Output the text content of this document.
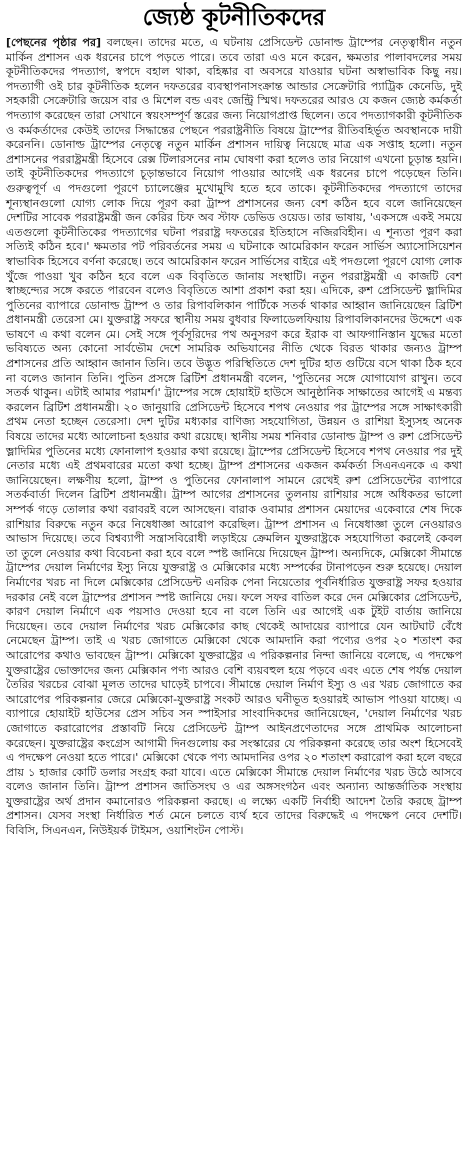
জ্যেষ্ঠ কূটনীতিকদের

[পেছনের পৃষ্ঠার পর] বলছেন। তাদের মতে, এ ঘটনায় প্রেসিডেন্ট ডোনাল্ড ট্রাম্পের নেতৃত্বাধীন নতুন মার্কিন প্রশাসন এক ধরনের চাপে পড়তে পারে। তবে তারা এও মনে করেন, ক্ষমতার পালাবদলের সময় কূটনীতিকদের পদত্যাগ, স্বপদে বহাল থাকা, বহিষ্কার বা অবসরে যাওয়ার ঘটনা অস্বাভাবিক কিছু নয়। পদত্যাগী ওই চার কূটনীতিক হলেন দফতরের ব্যবস্থাপনাসংক্রান্ত আন্ডার সেক্রেটারি প্যাট্রিক কেনেডি, দুই সহকারী সেক্রেটারি জয়েস বার ও মিশেল বন্ড এবং জেন্ট্রি স্মিথ। দফতরের আরও যে কজন জ্যেষ্ঠ কর্মকর্তা পদত্যাগ করেছেন তারা সেখানে স্বয়ংসম্পূর্ণ স্তরের জন্য নিয়োগপ্রাপ্ত ছিলেন। তবে পদত্যাগকারী কূটনীতিক ও কর্মকর্তাদের কেউই তাদের সিদ্ধান্তের পেছনে পররাষ্ট্রনীতি বিষয়ে ট্রাম্পের রীতিবহির্ভূত অবস্থানকে দায়ী করেননি। ডোনাল্ড ট্রাম্পের নেতৃত্বে নতুন মার্কিন প্রশাসন দায়িত্ব নিয়েছে মাত্র এক সপ্তাহ হলো। নতুন প্রশাসনের পররাষ্ট্রমন্ত্রী হিসেবে রেক্স টিলারসনের নাম ঘোষণা করা হলেও তার নিয়োগ এখনো চূড়ান্ত হয়নি। তাই কূটনীতিকদের পদত্যাগে চূড়ান্তভাবে নিয়োগ পাওয়ার আগেই এক ধরনের চাপে পড়েছেন তিনি। গুরুত্বপূর্ণ এ পদগুলো পূরণে চ্যালেঞ্জের মুখোমুখি হতে হবে তাকে। কূটনীতিকদের পদত্যাগে তাদের শূন্যস্থানগুলো যোগ্য লোক দিয়ে পূরণ করা ট্রাম্প প্রশাসনের জন্য বেশ কঠিন হবে বলে জানিয়েছেন দেশটির সাবেক পররাষ্ট্রমন্ত্রী জন কেরির চিফ অব স্টাফ ডেভিড ওয়েড। তার ভাষায়, 'একসঙ্গে একই সময়ে এতগুলো কূটনীতিকের পদত্যাগের ঘটনা পররাষ্ট্র দফতরের ইতিহাসে নজিরবিহীন। এ শূন্যতা পূরণ করা সত্যিই কঠিন হবে।' ক্ষমতার পট পরিবর্তনের সময় এ ঘটনাকে আমেরিকান ফরেন সার্ভিস অ্যাসোসিয়েশন স্বাভাবিক হিসেবে বর্ণনা করেছে। তবে আমেরিকান ফরেন সার্ভিসের বাইরে এই পদগুলো পূরণে যোগ্য লোক খুঁজে পাওয়া খুব কঠিন হবে বলে এক বিবৃতিতে জানায় সংস্থাটি। নতুন পররাষ্ট্রমন্ত্রী এ কাজটি বেশ স্বাচ্ছন্দ্যের সঙ্গে করতে পারবেন বলেও বিবৃতিতে আশা প্রকাশ করা হয়। এদিকে, রুশ প্রেসিডেন্ট ভ্লাদিমির পুতিনের ব্যাপারে ডোনাল্ড ট্রাম্প ও তার রিপাবলিকান পার্টিকে সতর্ক থাকার আহ্বান জানিয়েছেন ব্রিটিশ প্রধানমন্ত্রী তেরেসা মে। যুক্তরাষ্ট্র সফরে স্থানীয় সময় বুধবার ফিলাডেলফিয়ায় রিপাবলিকানদের উদ্দেশে এক ভাষণে এ কথা বলেন মে। সেই সঙ্গে পূর্বসূরিদের পথ অনুসরণ করে ইরাক বা আফগানিস্তান যুদ্ধের মতো ভবিষ্যতে অন্য কোনো সার্বভৌম দেশে সামরিক অভিযানের নীতি থেকে বিরত থাকার জন্যও ট্রাম্প প্রশাসনের প্রতি আহ্বান জানান তিনি। তবে উদ্ভূত পরিস্থিতিতে দেশ দুটির হাত গুটিয়ে বসে থাকা ঠিক হবে না বলেও জানান তিনি। পুতিন প্রসঙ্গে ব্রিটিশ প্রধানমন্ত্রী বলেন, 'পুতিনের সঙ্গে যোগাযোগ রাখুন। তবে সতর্ক থাকুন। এটাই আমার পরামর্শ।' ট্রাম্পের সঙ্গে হোয়াইট হাউসে আনুষ্ঠানিক সাক্ষাতের আগেই এ মন্তব্য করলেন ব্রিটিশ প্রধানমন্ত্রী। ২০ জানুয়ারি প্রেসিডেন্ট হিসেবে শপথ নেওয়ার পর ট্রাম্পের সঙ্গে সাক্ষাৎকারী প্রথম নেতা হচ্ছেন তেরেসা। দেশ দুটির মধ্যকার বাণিজ্য সহযোগিতা, উন্নয়ন ও রাশিয়া ইস্যুসহ অনেক বিষয়ে তাদের মধ্যে আলোচনা হওয়ার কথা রয়েছে। স্থানীয় সময় শনিবার ডোনাল্ড ট্রাম্প ও রুশ প্রেসিডেন্ট ভ্লাদিমির পুতিনের মধ্যে ফোনালাপ হওয়ার কথা রয়েছে। ট্রাম্পের প্রেসিডেন্ট হিসেবে শপথ নেওয়ার পর দুই নেতার মধ্যে এই প্রথমবারের মতো কথা হচ্ছে। ট্রাম্প প্রশাসনের একজন কর্মকর্তা সিএনএনকে এ কথা জানিয়েছেন। লক্ষণীয় হলো, ট্রাম্প ও পুতিনের ফোনালাপ সামনে রেখেই রুশ প্রেসিডেন্টের ব্যাপারে সতর্কবার্তা দিলেন ব্রিটিশ প্রধানমন্ত্রী। ট্রাম্প আগের প্রশাসনের তুলনায় রাশিয়ার সঙ্গে অধিকতর ভালো সম্পর্ক গড়ে তোলার কথা বরাবরই বলে আসছেন। বারাক ওবামার প্রশাসন মেয়াদের একেবারে শেষ দিকে রাশিয়ার বিরুদ্ধে নতুন করে নিষেধাজ্ঞা আরোপ করেছিল। ট্রাম্প প্রশাসন এ নিষেধাজ্ঞা তুলে নেওয়ারও আভাস দিয়েছে। তবে বিশ্বব্যাপী সন্ত্রাসবিরোধী লড়াইয়ে ক্রেমলিন যুক্তরাষ্ট্রকে সহযোগিতা করলেই কেবল তা তুলে নেওয়ার কথা বিবেচনা করা হবে বলে স্পষ্ট জানিয়ে দিয়েছেন ট্রাম্প। অন্যদিকে, মেক্সিকো সীমান্তে ট্রাম্পের দেয়াল নির্মাণের ইস্যু নিয়ে যুক্তরাষ্ট্র ও মেক্সিকোর মধ্যে সম্পর্কের টানাপড়েন শুরু হয়েছে। দেয়াল নির্মাণের খরচ না দিলে মেক্সিকোর প্রেসিডেন্ট এনরিক পেনা নিয়েতোর পূর্বনির্ধারিত যুক্তরাষ্ট্র সফর হওয়ার দরকার নেই বলে ট্রাম্পের প্রশাসন স্পষ্ট জানিয়ে দেয়। ফলে সফর বাতিল করে দেন মেক্সিকোর প্রেসিডেন্ট, কারণ দেয়াল নির্মাণে এক পয়সাও দেওয়া হবে না বলে তিনি এর আগেই এক টুইট বার্তায় জানিয়ে দিয়েছেন। তবে দেয়াল নির্মাণের খরচ মেক্সিকোর কাছ থেকেই আদায়ের ব্যাপারে যেন আটঘাট বেঁধে নেমেছেন ট্রাম্প। তাই এ খরচ জোগাতে মেক্সিকো থেকে আমদানি করা পণ্যের ওপর ২০ শতাংশ কর আরোপের কথাও ভাবছেন ট্রাম্প। মেক্সিকো যুক্তরাষ্ট্রের এ পরিকল্পনার নিন্দা জানিয়ে বলেছে, এ পদক্ষেপ যুক্তরাষ্ট্রের ভোক্তাদের জন্য মেক্সিকান পণ্য আরও বেশি ব্যয়বহুল হয়ে পড়বে এবং এতে শেষ পর্যন্ত দেয়াল তৈরির খরচের বোঝা মূলত তাদের ঘাড়েই চাপবে। সীমান্তে দেয়াল নির্মাণ ইস্যু ও এর খরচ জোগাতে কর আরোপের পরিকল্পনার জেরে মেক্সিকো-যুক্তরাষ্ট্র সংকট আরও ঘনীভূত হওয়ারই আভাস পাওয়া যাচ্ছে। এ ব্যাপারে হোয়াইট হাউসের প্রেস সচিব সন স্পাইসার সাংবাদিকদের জানিয়েছেন, 'দেয়াল নির্মাণের খরচ জোগাতে করারোপের প্রস্তাবটি নিয়ে প্রেসিডেন্ট ট্রাম্প আইনপ্রণেতাদের সঙ্গে প্রাথমিক আলোচনা করেছেন। যুক্তরাষ্ট্রের কংগ্রেস আগামী দিনগুলোয় কর সংস্কারের যে পরিকল্পনা করেছে তার অংশ হিসেবেই এ পদক্ষেপ নেওয়া হতে পারে।' মেক্সিকো থেকে পণ্য আমদানির ওপর ২০ শতাংশ করারোপ করা হলে বছরে প্রায় ১ হাজার কোটি ডলার সংগ্রহ করা যাবে। এতে মেক্সিকো সীমান্তে দেয়াল নির্মাণের খরচ উঠে আসবে বলেও জানান তিনি। ট্রাম্প প্রশাসন জাতিসংঘ ও এর অঙ্গসংগঠন এবং অন্যান্য আন্তর্জাতিক সংস্থায় যুক্তরাষ্ট্রের অর্থ প্রদান কমানোরও পরিকল্পনা করছে। এ লক্ষ্যে একটি নির্বাহী আদেশ তৈরি করছে ট্রাম্প প্রশাসন। যেসব সংস্থা নির্ধারিত শর্ত মেনে চলতে ব্যর্থ হবে তাদের বিরুদ্ধেই এ পদক্ষেপ নেবে দেশটি। বিবিসি, সিএনএন, নিউইয়র্ক টাইমস, ওয়াশিংটন পোস্ট।
